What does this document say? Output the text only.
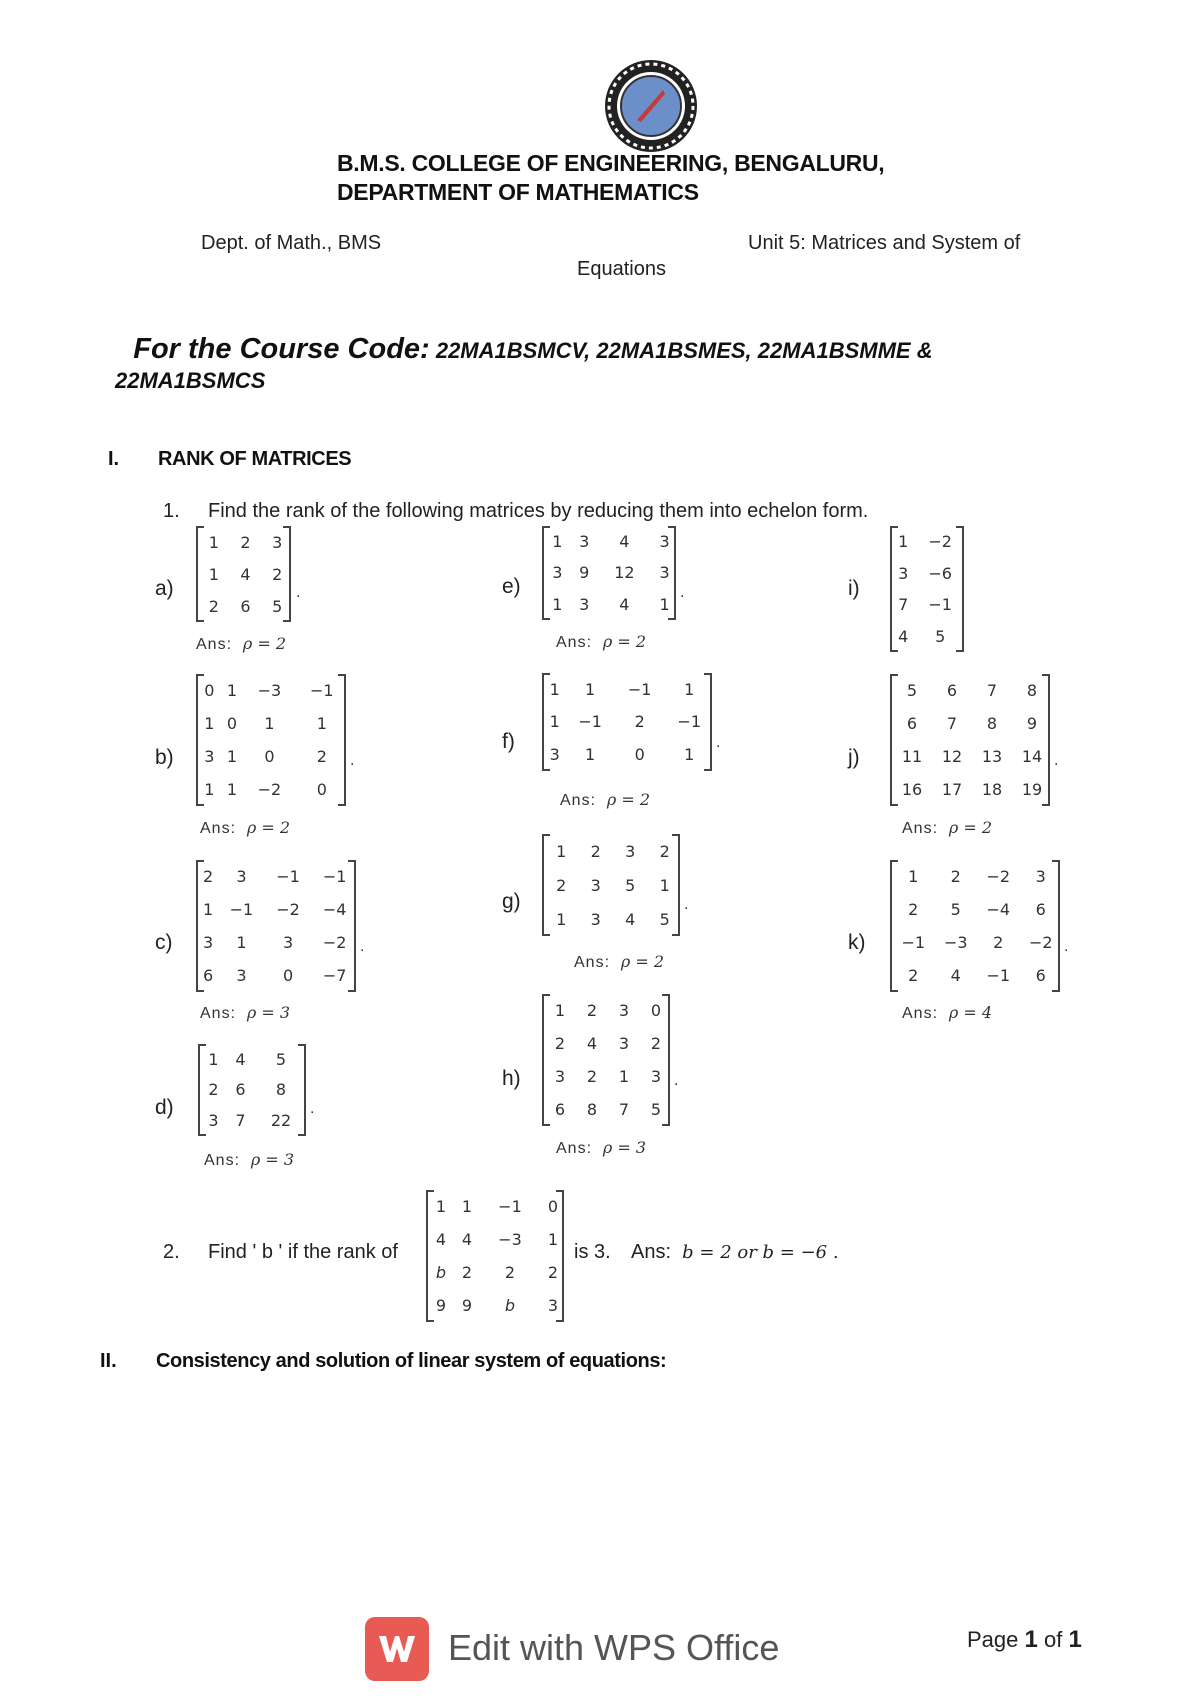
B.M.S. COLLEGE OF ENGINEERING, BENGALURU,
DEPARTMENT OF MATHEMATICS
Dept. of Math., BMS	Unit 5: Matrices and System of
Equations
For the Course Code: 22MA1BSMCV, 22MA1BSMES, 22MA1BSMME &
22MA1BSMCS
I. RANK OF MATRICES
1. Find the rank of the following matrices by reducing them into echelon form.
a)
b)
c)
d)
e)
f)
g)
h)
i)
j)
k)
1	2	3
1	4	2
2	6	5
.
Ans: ρ = 2
0	1	−3	−1
1	0	1	1
3	1	0	2
1	1	−2	0
.
Ans: ρ = 2
2	3	−1	−1
1	−1	−2	−4
3	1	3	−2
6	3	0	−7
.
Ans: ρ = 3
1	4	5
2	6	8
3	7	22
.
Ans: ρ = 3
1	3	4	3
3	9	12	3
1	3	4	1
.
Ans: ρ = 2
1	1	−1	1
1	−1	2	−1
3	1	0	1
.
Ans: ρ = 2
1	2	3	2
2	3	5	1
1	3	4	5
.
Ans: ρ = 2
1	2	3	0
2	4	3	2
3	2	1	3
6	8	7	5
.
Ans: ρ = 3
1	−2
3	−6
7	−1
4	5
5	6	7	8
6	7	8	9
11	12	13	14
16	17	18	19
.
Ans: ρ = 2
1	2	−2	3
2	5	−4	6
−1	−3	2	−2
2	4	−1	6
.
Ans: ρ = 4
2. Find ' b ' if the rank of
1	1	−1	0
4	4	−3	1
b	2	2	2
9	9	b	3
is 3. Ans: b = 2 or b = −6 .
II. Consistency and solution of linear system of equations:
Edit with WPS Office	Page 1 of 1
